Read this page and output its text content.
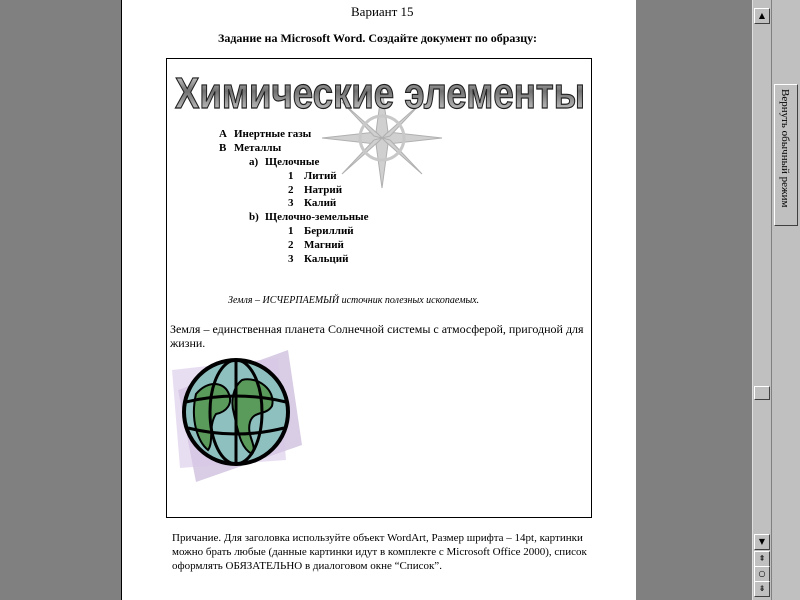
Вариант 15
Задание на Microsoft Word. Создайте документ по образцу:
Химические элементы
A Инертные газы
B Металлы
a) Щелочные
1 Литий
2 Натрий
3 Калий
b) Щелочно-земельные
1 Бериллий
2 Магний
3 Кальций
Земля – ИСЧЕРПАЕМЫЙ источник полезных ископаемых.
Земля – единственная планета Солнечной системы с атмосферой, пригодной для жизни.
Причание. Для заголовка используйте объект WordArt, Размер шрифта – 14pt, картинки можно брать любые (данные картинки идут в комплекте с Microsoft Office 2000), список оформлять ОБЯЗАТЕЛЬНО в диалоговом окне “Список”.
▲
▼
⇞
○
⇟
Вернуть обычный режим
